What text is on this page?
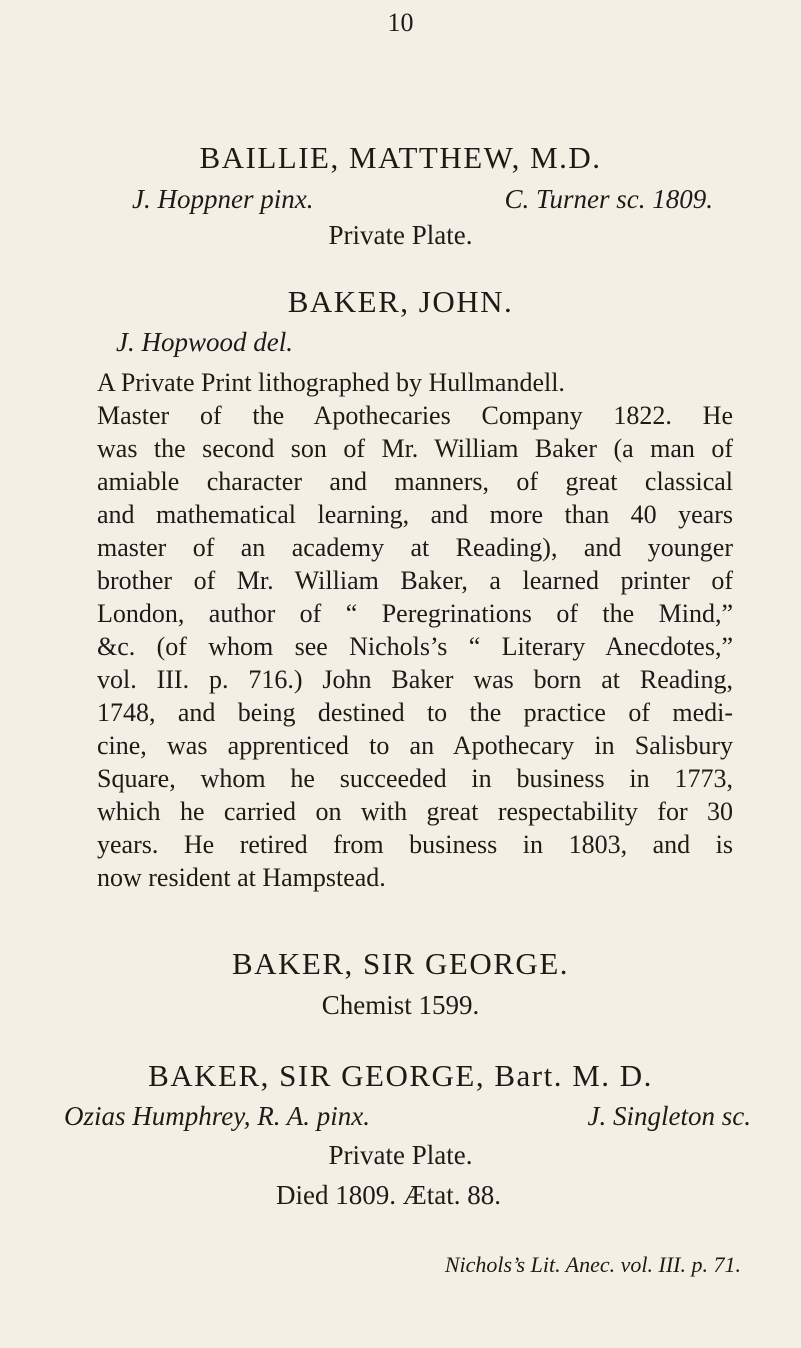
10
BAILLIE, MATTHEW, M.D.
J. Hoppner pinx.	C. Turner sc. 1809.
Private Plate.
BAKER, JOHN.
J. Hopwood del.

A Private Print lithographed by Hullmandell.
Master of the Apothecaries Company 1822. He
was the second son of Mr. William Baker (a man of
amiable character and manners, of great classical
and mathematical learning, and more than 40 years
master of an academy at Reading), and younger
brother of Mr. William Baker, a learned printer of
London, author of “ Peregrinations of the Mind,”
&c. (of whom see Nichols’s “ Literary Anecdotes,”
vol. III. p. 716.) John Baker was born at Reading,
1748, and being destined to the practice of medi-
cine, was apprenticed to an Apothecary in Salisbury
Square, whom he succeeded in business in 1773,
which he carried on with great respectability for 30
years. He retired from business in 1803, and is
now resident at Hampstead.

BAKER, SIR GEORGE.
Chemist 1599.
BAKER, SIR GEORGE, Bart. M. D.
Ozias Humphrey, R. A. pinx.	J. Singleton sc.
Private Plate.
Died 1809. Ætat. 88.
Nichols’s Lit. Anec. vol. III. p. 71.
